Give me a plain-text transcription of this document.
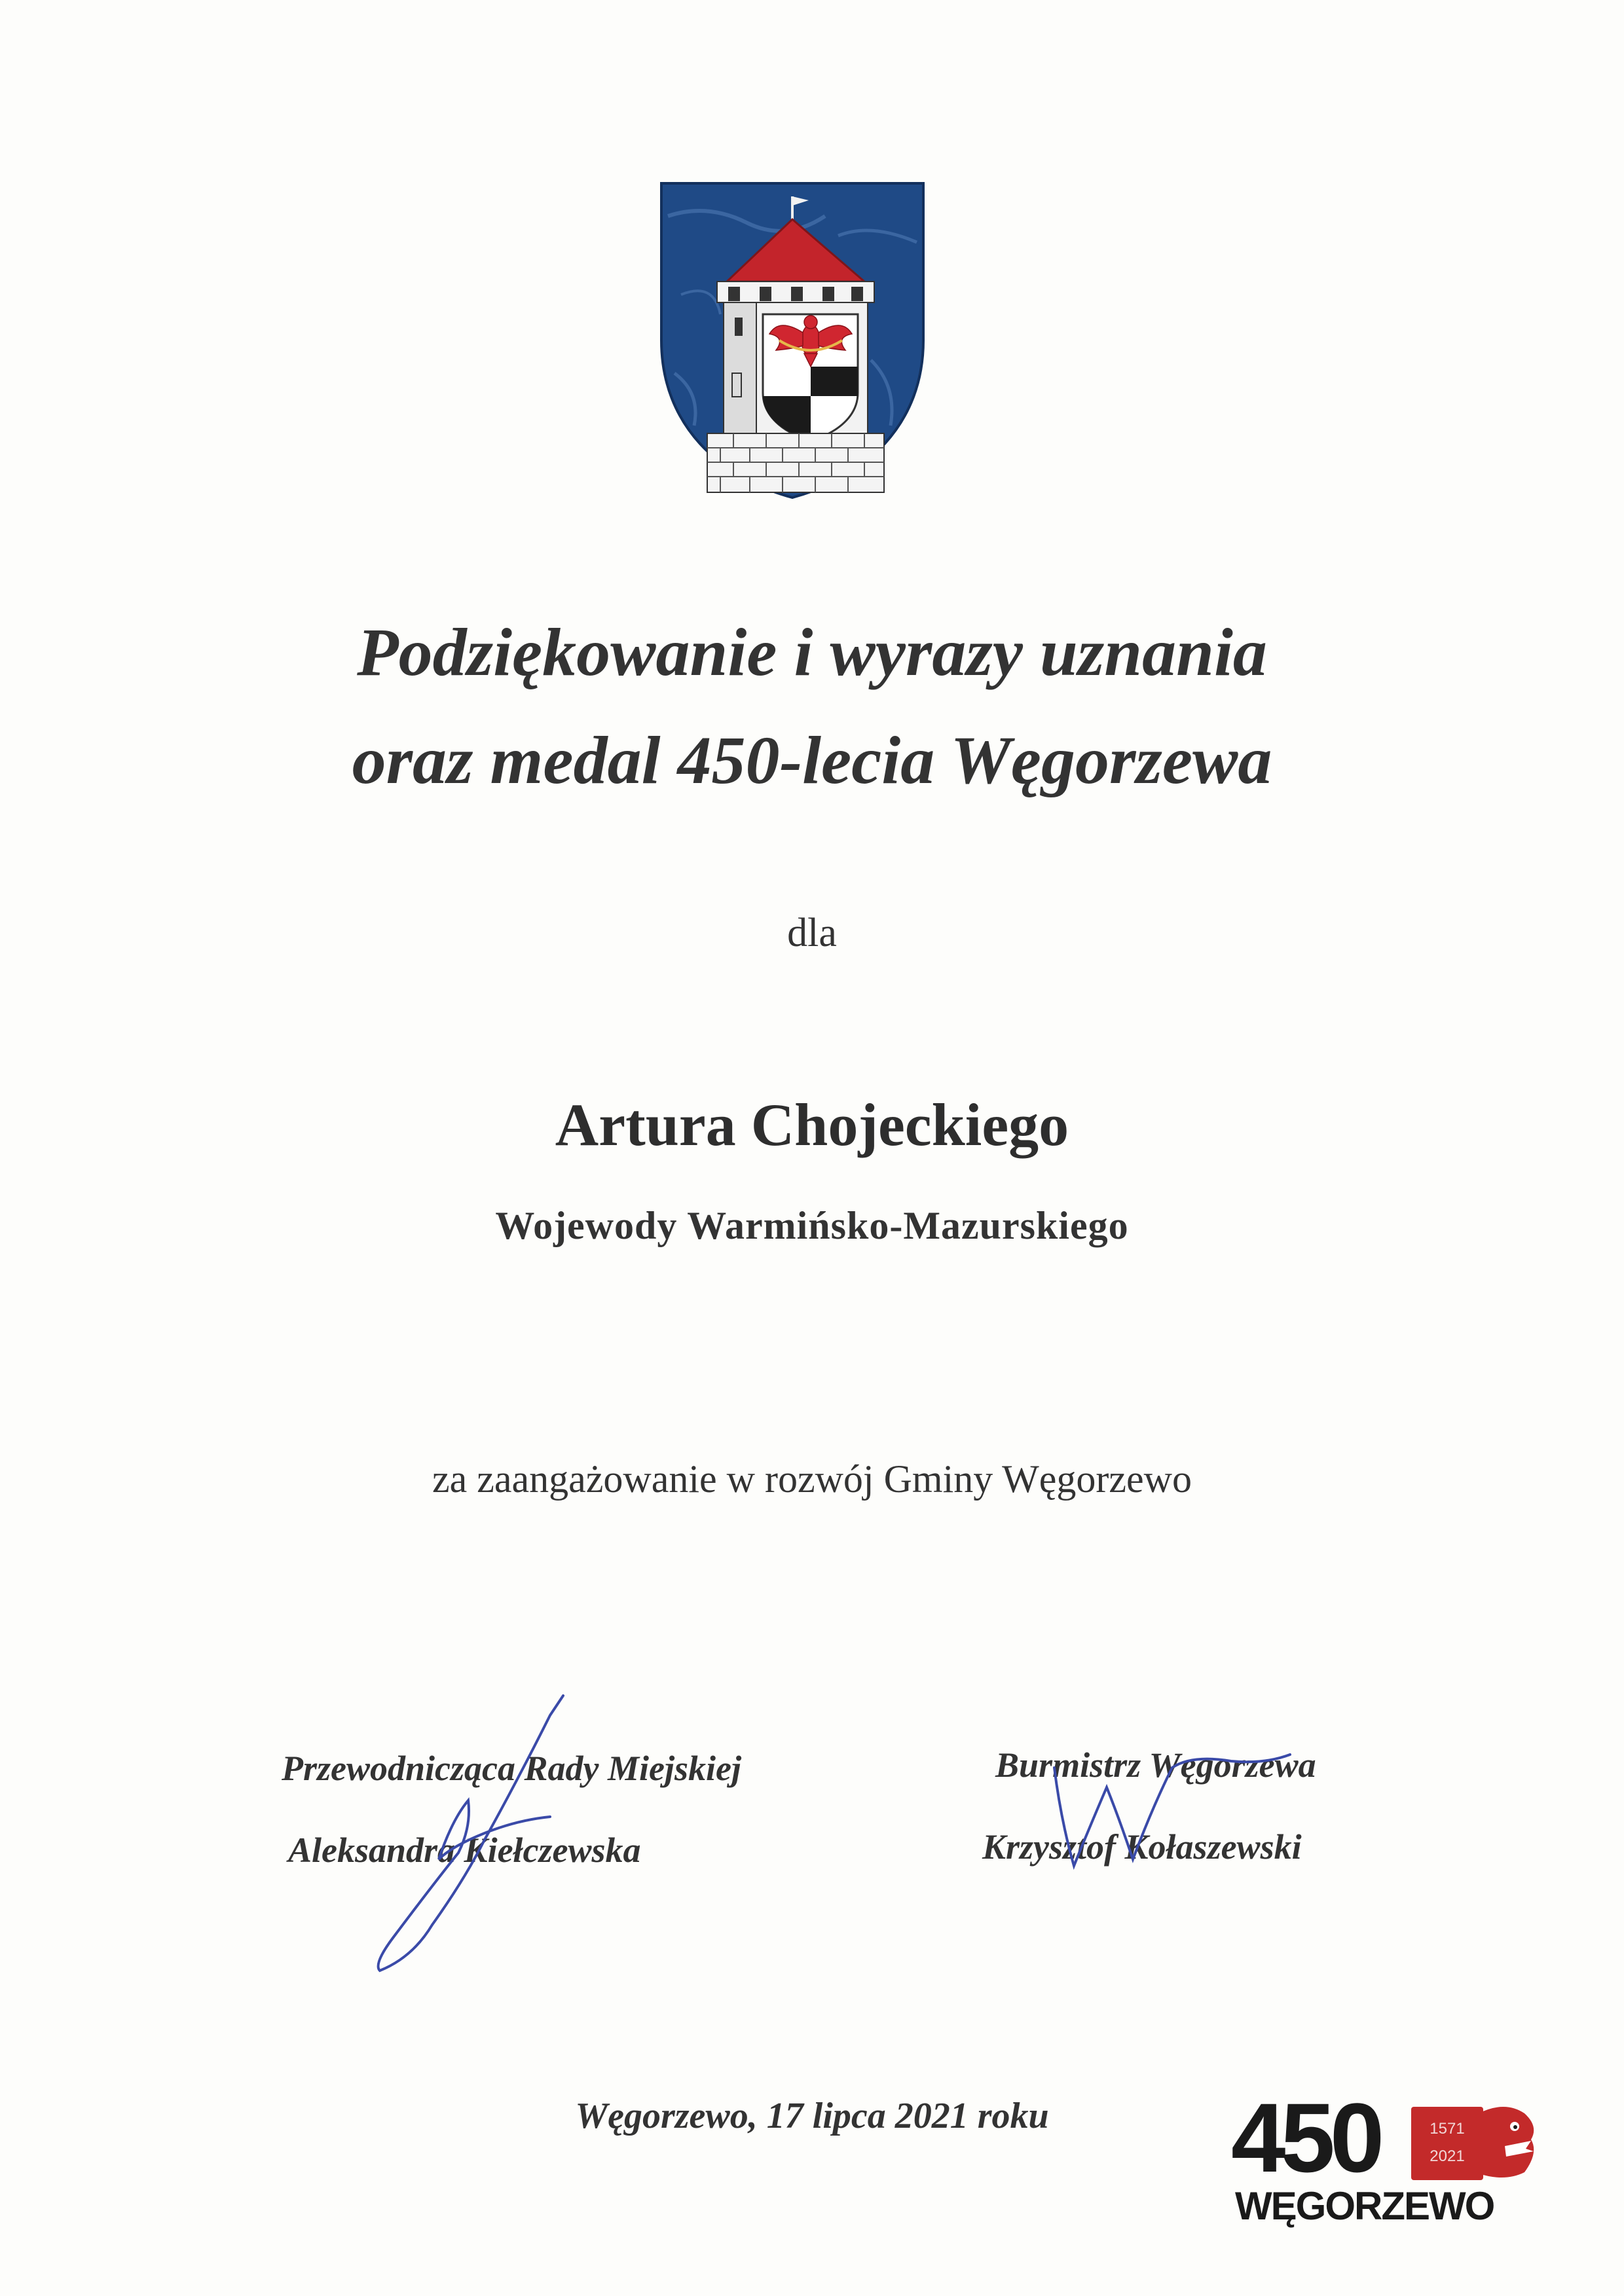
Podziękowanie i wyrazy uznania
oraz medal 450-lecia Węgorzewa
dla
Artura Chojeckiego
Wojewody Warmińsko-Mazurskiego
za zaangażowanie w rozwój Gminy Węgorzewo
Przewodnicząca Rady Miejskiej
Aleksandra Kiełczewska
Burmistrz Węgorzewa
Krzysztof Kołaszewski
Węgorzewo, 17 lipca 2021 roku	450	1571
2021
WĘGORZEWO
